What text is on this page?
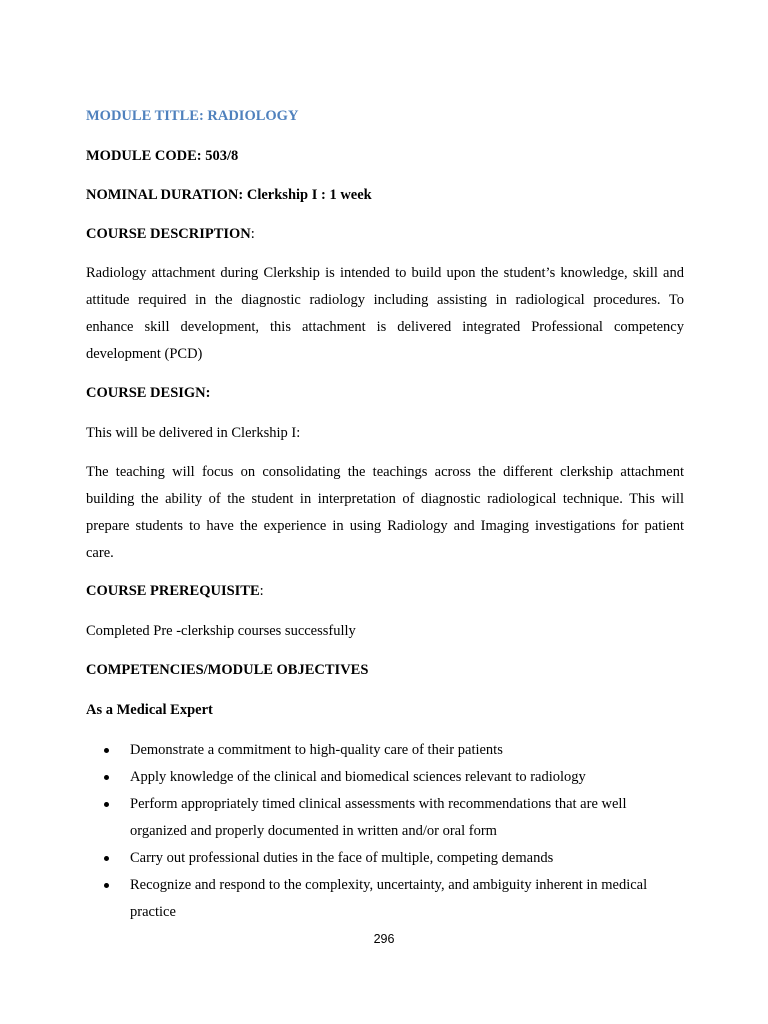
MODULE TITLE: RADIOLOGY
MODULE CODE: 503/8
NOMINAL DURATION: Clerkship I : 1 week
COURSE DESCRIPTION:
Radiology attachment during Clerkship is intended to build upon the student’s knowledge, skill and
attitude required in the diagnostic radiology including assisting in radiological procedures. To
enhance skill development, this attachment is delivered integrated Professional competency
development (PCD)
COURSE DESIGN:
This will be delivered in Clerkship I:
The teaching will focus on consolidating the teachings across the different clerkship attachment
building the ability of the student in interpretation of diagnostic radiological technique. This will
prepare students to have the experience in using Radiology and Imaging investigations for patient
care.
COURSE PREREQUISITE:
Completed Pre -clerkship courses successfully
COMPETENCIES/MODULE OBJECTIVES
As a Medical Expert
Demonstrate a commitment to high-quality care of their patients
Apply knowledge of the clinical and biomedical sciences relevant to radiology
Perform appropriately timed clinical assessments with recommendations that are well
organized and properly documented in written and/or oral form
Carry out professional duties in the face of multiple, competing demands
Recognize and respond to the complexity, uncertainty, and ambiguity inherent in medical
practice
296
